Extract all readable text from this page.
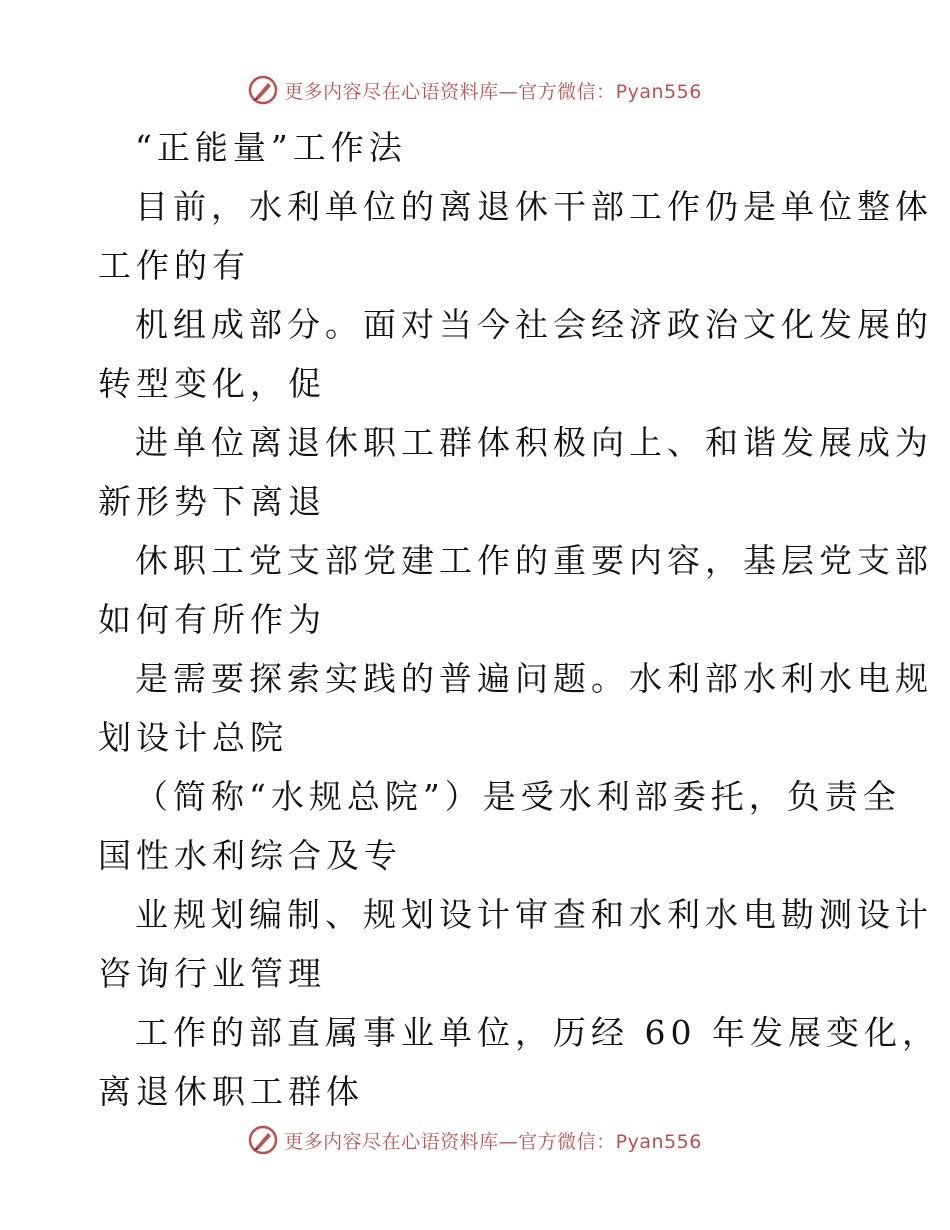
更多内容尽在心语资料库—官方微信：Pyan556
“正能量”工作法
目前，水利单位的离退休干部工作仍是单位整体
工作的有
机组成部分。面对当今社会经济政治文化发展的
转型变化，促
进单位离退休职工群体积极向上、和谐发展成为
新形势下离退
休职工党支部党建工作的重要内容，基层党支部
如何有所作为
是需要探索实践的普遍问题。水利部水利水电规
划设计总院
（简称“水规总院”）是受水利部委托，负责全
国性水利综合及专
业规划编制、规划设计审查和水利水电勘测设计
咨询行业管理
工作的部直属事业单位，历经 60 年发展变化，
离退休职工群体
更多内容尽在心语资料库—官方微信：Pyan556
